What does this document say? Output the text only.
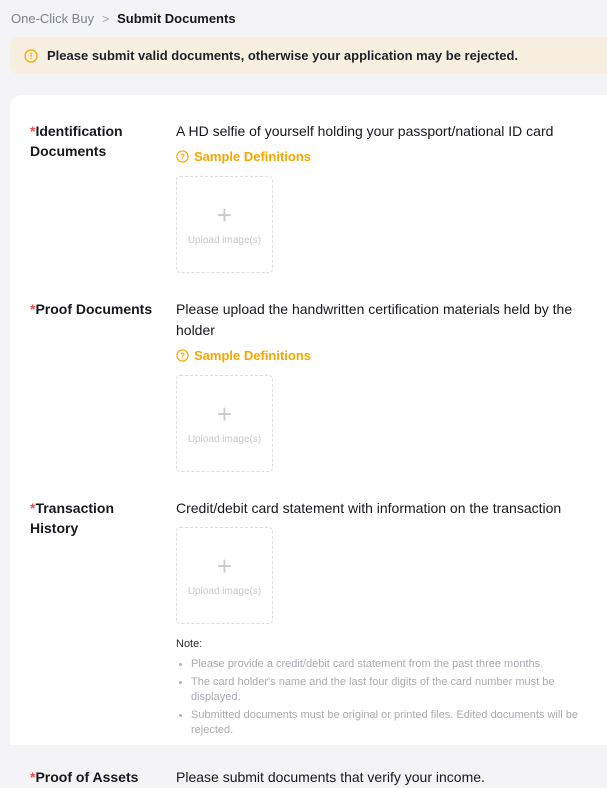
One-Click Buy > Submit Documents
! Please submit valid documents, otherwise your application may be rejected.
*Identification Documents
A HD selfie of yourself holding your passport/national ID card
? Sample Definitions
+
Upload image(s)
*Proof Documents	Please upload the handwritten certification materials held by the holder
? Sample Definitions
+
Upload image(s)
*Transaction History
Credit/debit card statement with information on the transaction
+
Upload image(s)
Note:
• Please provide a credit/debit card statement from the past three months.
• The card holder's name and the last four digits of the card number must be displayed.
• Submitted documents must be original or printed files. Edited documents will be rejected.
*Proof of Assets	Please submit documents that verify your income.
